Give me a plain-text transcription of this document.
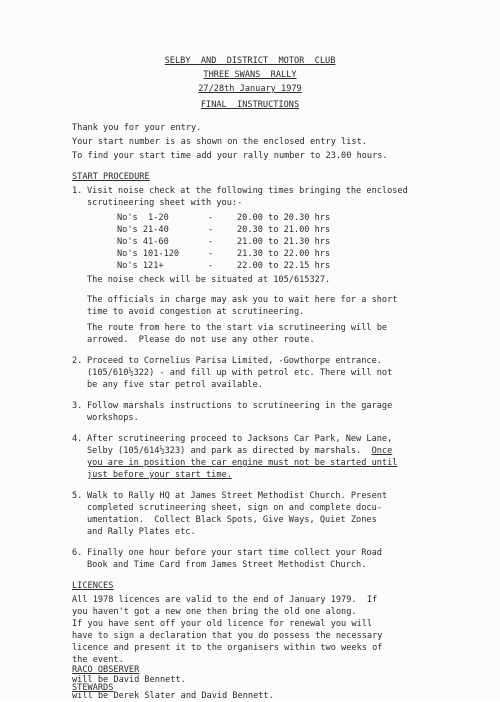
SELBY  AND  DISTRICT  MOTOR  CLUB
THREE SWANS  RALLY
27/28th January 1979
FINAL  INSTRUCTIONS
Thank you for your entry.
Your start number is as shown on the enclosed entry list.
To find your start time add your rally number to 23.00 hours.
START PROCEDURE
1. Visit noise check at the following times bringing the enclosed
scrutineering sheet with you:-
No's  1-20	-	20.00 to 20.30 hrs
No's 21-40	-	20.30 to 21.00 hrs
No's 41-60	-	21.00 to 21.30 hrs
No's 101-120	-	21.30 to 22.00 hrs
No's 121+	-	22.00 to 22.15 hrs
The noise check will be situated at 105/615327.
The officials in charge may ask you to wait here for a short
time to avoid congestion at scrutineering.
The route from here to the start via scrutineering will be
arrowed.  Please do not use any other route.
2. Proceed to Cornelius Parisa Limited, -Gowthorpe entrance.
(105/610½322) - and fill up with petrol etc. There will not
be any five star petrol available.
3. Follow marshals instructions to scrutineering in the garage
workshops.
4. After scrutineering proceed to Jacksons Car Park, New Lane,
Selby (105/614½323) and park as directed by marshals.  Once
you are in position the car engine must not be started until
just before your start time.
5. Walk to Rally HQ at James Street Methodist Church. Present
completed scrutineering sheet, sign on and complete docu-
umentation.  Collect Black Spots, Give Ways, Quiet Zones
and Rally Plates etc.
6. Finally one hour before your start time collect your Road
Book and Time Card from James Street Methodist Church.
LICENCES
All 1978 licences are valid to the end of January 1979.  If
you haven't got a new one then bring the old one along.
If you have sent off your old licence for renewal you will
have to sign a declaration that you do possess the necessary
licence and present it to the organisers within two weeks of
the event.
RACO OBSERVER
will be David Bennett.
STEWARDS
will be Derek Slater and David Bennett.
